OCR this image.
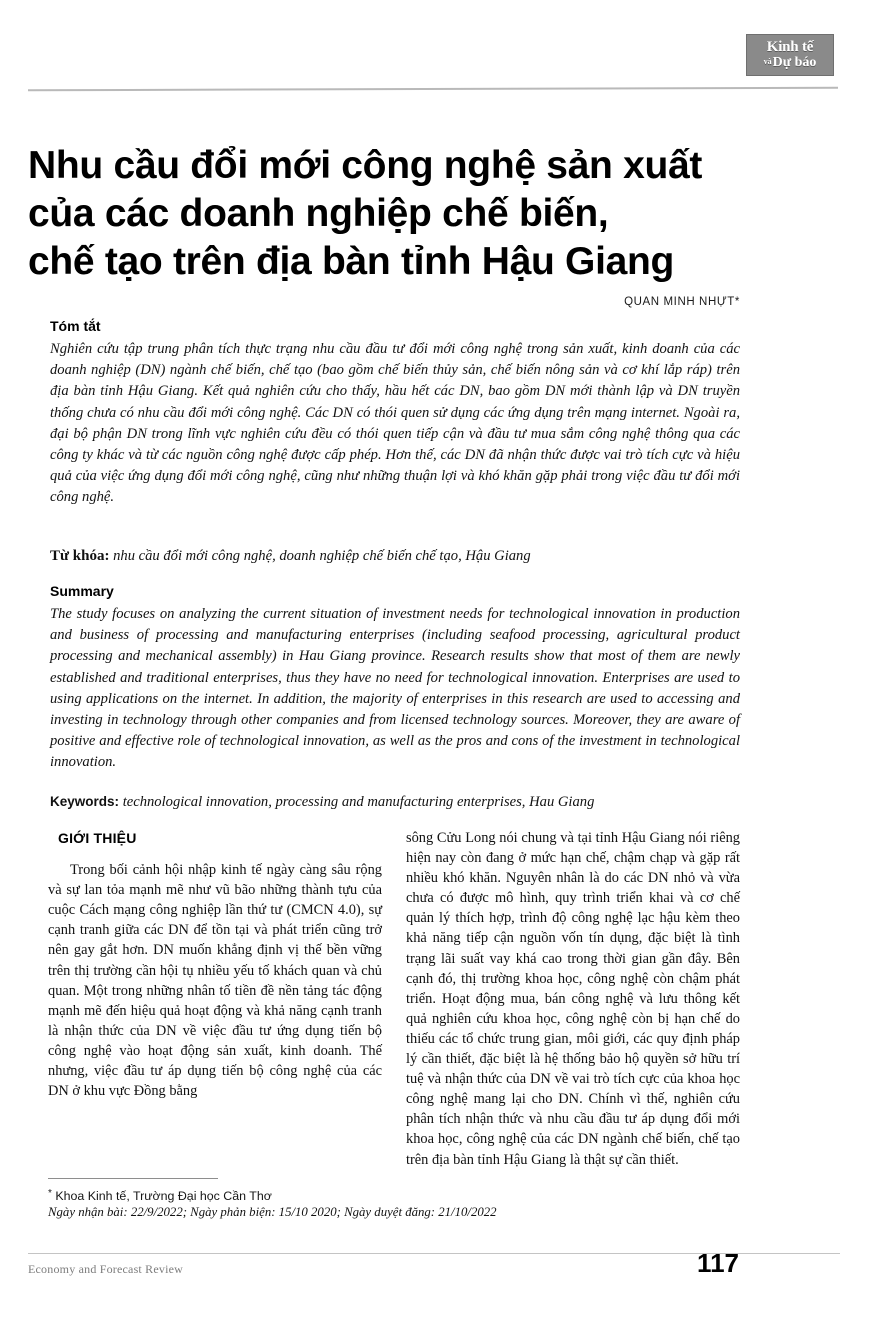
Kinh tế
vàDự báo
Nhu cầu đổi mới công nghệ sản xuất
của các doanh nghiệp chế biến,
chế tạo trên địa bàn tỉnh Hậu Giang
QUAN MINH NHỰT*
Tóm tắt
Nghiên cứu tập trung phân tích thực trạng nhu cầu đầu tư đổi mới công nghệ trong sản xuất, kinh doanh của các doanh nghiệp (DN) ngành chế biến, chế tạo (bao gồm chế biến thủy sản, chế biến nông sản và cơ khí lắp ráp) trên địa bàn tỉnh Hậu Giang. Kết quả nghiên cứu cho thấy, hầu hết các DN, bao gồm DN mới thành lập và DN truyền thống chưa có nhu cầu đổi mới công nghệ. Các DN có thói quen sử dụng các ứng dụng trên mạng internet. Ngoài ra, đại bộ phận DN trong lĩnh vực nghiên cứu đều có thói quen tiếp cận và đầu tư mua sắm công nghệ thông qua các công ty khác và từ các nguồn công nghệ được cấp phép. Hơn thế, các DN đã nhận thức được vai trò tích cực và hiệu quả của việc ứng dụng đổi mới công nghệ, cũng như những thuận lợi và khó khăn gặp phải trong việc đầu tư đổi mới công nghệ.
Từ khóa: nhu cầu đổi mới công nghệ, doanh nghiệp chế biến chế tạo, Hậu Giang
Summary
The study focuses on analyzing the current situation of investment needs for technological innovation in production and business of processing and manufacturing enterprises (including seafood processing, agricultural product processing and mechanical assembly) in Hau Giang province. Research results show that most of them are newly established and traditional enterprises, thus they have no need for technological innovation. Enterprises are used to using applications on the internet. In addition, the majority of enterprises in this research are used to accessing and investing in technology through other companies and from licensed technology sources. Moreover, they are aware of positive and effective role of technological innovation, as well as the pros and cons of the investment in technological innovation.
Keywords: technological innovation, processing and manufacturing enterprises, Hau Giang
GIỚI THIỆU

Trong bối cảnh hội nhập kinh tế ngày càng sâu rộng và sự lan tỏa mạnh mẽ như vũ bão những thành tựu của cuộc Cách mạng công nghiệp lần thứ tư (CMCN 4.0), sự cạnh tranh giữa các DN để tồn tại và phát triển cũng trở nên gay gắt hơn. DN muốn khẳng định vị thế bền vững trên thị trường cần hội tụ nhiều yếu tố khách quan và chủ quan. Một trong những nhân tố tiền đề nền tảng tác động mạnh mẽ đến hiệu quả hoạt động và khả năng cạnh tranh là nhận thức của DN về việc đầu tư ứng dụng tiến bộ công nghệ vào hoạt động sản xuất, kinh doanh. Thế nhưng, việc đầu tư áp dụng tiến bộ công nghệ của các DN ở khu vực Đồng bằng

sông Cửu Long nói chung và tại tỉnh Hậu Giang nói riêng hiện nay còn đang ở mức hạn chế, chậm chạp và gặp rất nhiều khó khăn. Nguyên nhân là do các DN nhỏ và vừa chưa có được mô hình, quy trình triển khai và cơ chế quản lý thích hợp, trình độ công nghệ lạc hậu kèm theo khả năng tiếp cận nguồn vốn tín dụng, đặc biệt là tình trạng lãi suất vay khá cao trong thời gian gần đây. Bên cạnh đó, thị trường khoa học, công nghệ còn chậm phát triển. Hoạt động mua, bán công nghệ và lưu thông kết quả nghiên cứu khoa học, công nghệ còn bị hạn chế do thiếu các tổ chức trung gian, môi giới, các quy định pháp lý cần thiết, đặc biệt là hệ thống bảo hộ quyền sở hữu trí tuệ và nhận thức của DN về vai trò tích cực của khoa học công nghệ mang lại cho DN. Chính vì thế, nghiên cứu phân tích nhận thức và nhu cầu đầu tư áp dụng đổi mới khoa học, công nghệ của các DN ngành chế biến, chế tạo trên địa bàn tỉnh Hậu Giang là thật sự cần thiết.

* Khoa Kinh tế, Trường Đại học Cần Thơ
Ngày nhận bài: 22/9/2022; Ngày phản biện: 15/10 2020; Ngày duyệt đăng: 21/10/2022
Economy and Forecast Review	117
